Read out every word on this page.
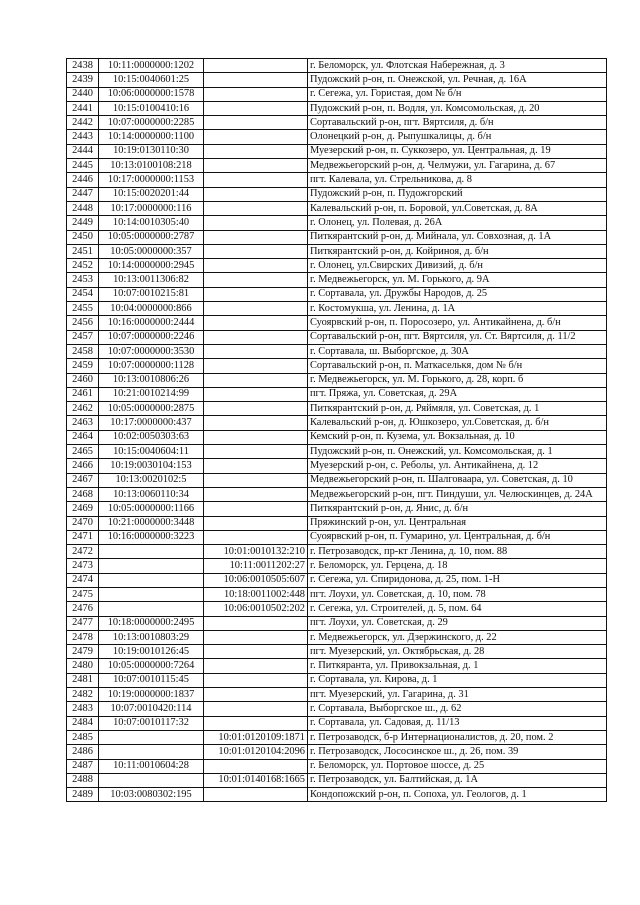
2438	10:11:0000000:1202		г. Беломорск, ул. Флотская Набережная, д. 3
2439	10:15:0040601:25		Пудожский р-он, п. Онежской, ул. Речная, д. 16А
2440	10:06:0000000:1578		г. Сегежа, ул. Гористая, дом № б/н
2441	10:15:0100410:16		Пудожский р-он, п. Водля, ул. Комсомольская, д. 20
2442	10:07:0000000:2285		Сортавальский р-он, пгт. Вяртсиля, д. б/н
2443	10:14:0000000:1100		Олонецкий р-он, д. Рыпушкалицы, д. б/н
2444	10:19:0130110:30		Муезерский р-он, п. Суккозеро, ул. Центральная, д. 19
2445	10:13:0100108:218		Медвежьегорский р-он, д. Челмужи, ул. Гагарина, д. 67
2446	10:17:0000000:1153		пгт. Калевала, ул. Стрельникова, д. 8
2447	10:15:0020201:44		Пудожский р-он, п. Пудожгорский
2448	10:17:0000000:116		Калевальский р-он, п. Боровой, ул.Советская, д. 8А
2449	10:14:0010305:40		г. Олонец, ул. Полевая, д. 26А
2450	10:05:0000000:2787		Питкярантский р-он, д. Мийнала, ул. Совхозная, д. 1А
2451	10:05:0000000:357		Питкярантский р-он, д. Койриноя, д. б/н
2452	10:14:0000000:2945		г. Олонец, ул.Свирских Дивизий, д. б/н
2453	10:13:0011306:82		г. Медвежьегорск, ул. М. Горького, д. 9А
2454	10:07:0010215:81		г. Сортавала, ул. Дружбы Народов, д. 25
2455	10:04:0000000:866		г. Костомукша, ул. Ленина, д. 1А
2456	10:16:0000000:2444		Суоярвский р-он, п. Поросозеро, ул. Антикайнена, д. б/н
2457	10:07:0000000:2246		Сортавальский р-он, пгт. Вяртсиля, ул. Ст. Вяртсиля, д. 11/2
2458	10:07:0000000:3530		г. Сортавала, ш. Выборгское, д. 30А
2459	10:07:0000000:1128		Сортавальский р-он, п. Маткаселькя, дом № б/н
2460	10:13:0010806:26		г. Медвежьегорск, ул. М. Горького, д. 28, корп. б
2461	10:21:0010214:99		пгт. Пряжа, ул. Советская, д. 29А
2462	10:05:0000000:2875		Питкярантский р-он, д. Ряймяля, ул. Советская, д. 1
2463	10:17:0000000:437		Калевальский р-он, д. Юшкозеро, ул.Советская, д. б/н
2464	10:02:0050303:63		Кемский р-он, п. Кузема, ул. Вокзальная, д. 10
2465	10:15:0040604:11		Пудожский р-он, п. Онежский, ул. Комсомольская, д. 1
2466	10:19:0030104:153		Муезерский р-он, с. Реболы, ул. Антикайнена, д. 12
2467	10:13:0020102:5		Медвежьегорский р-он, п. Шалговаара, ул. Советская, д. 10
2468	10:13:0060110:34		Медвежьегорский р-он, пгт. Пиндуши, ул. Челюскинцев, д. 24А
2469	10:05:0000000:1166		Питкярантский р-он, д. Янис, д. б/н
2470	10:21:0000000:3448		Пряжинский р-он, ул. Центральная
2471	10:16:0000000:3223		Суоярвский р-он, п. Гумарино, ул. Центральная, д. б/н
2472		10:01:0010132:210	г. Петрозаводск, пр-кт Ленина, д. 10, пом. 88
2473		10:11:0011202:27	г. Беломорск, ул. Герцена, д. 18
2474		10:06:0010505:607	г. Сегежа, ул. Спиридонова, д. 25, пом. 1-Н
2475		10:18:0011002:448	пгт. Лоухи, ул. Советская, д. 10, пом. 78
2476		10:06:0010502:202	г. Сегежа, ул. Строителей, д. 5, пом. 64
2477	10:18:0000000:2495		пгт. Лоухи, ул. Советская, д. 29
2478	10:13:0010803:29		г. Медвежьегорск, ул. Дзержинского, д. 22
2479	10:19:0010126:45		пгт. Муезерский, ул. Октябрьская, д. 28
2480	10:05:0000000:7264		г. Питкяранта, ул. Привокзальная, д. 1
2481	10:07:0010115:45		г. Сортавала, ул. Кирова, д. 1
2482	10:19:0000000:1837		пгт. Муезерский, ул. Гагарина, д. 31
2483	10:07:0010420:114		г. Сортавала, Выборгское ш., д. 62
2484	10:07:0010117:32		г. Сортавала, ул. Садовая, д. 11/13
2485		10:01:0120109:1871	г. Петрозаводск, б-р Интернационалистов, д. 20, пом. 2
2486		10:01:0120104:2096	г. Петрозаводск, Лососинское ш., д. 26, пом. 39
2487	10:11:0010604:28		г. Беломорск, ул. Портовое шоссе, д. 25
2488		10:01:0140168:1665	г. Петрозаводск, ул. Балтийская, д. 1А
2489	10:03:0080302:195		Кондопожский р-он, п. Сопоха, ул. Геологов, д. 1
